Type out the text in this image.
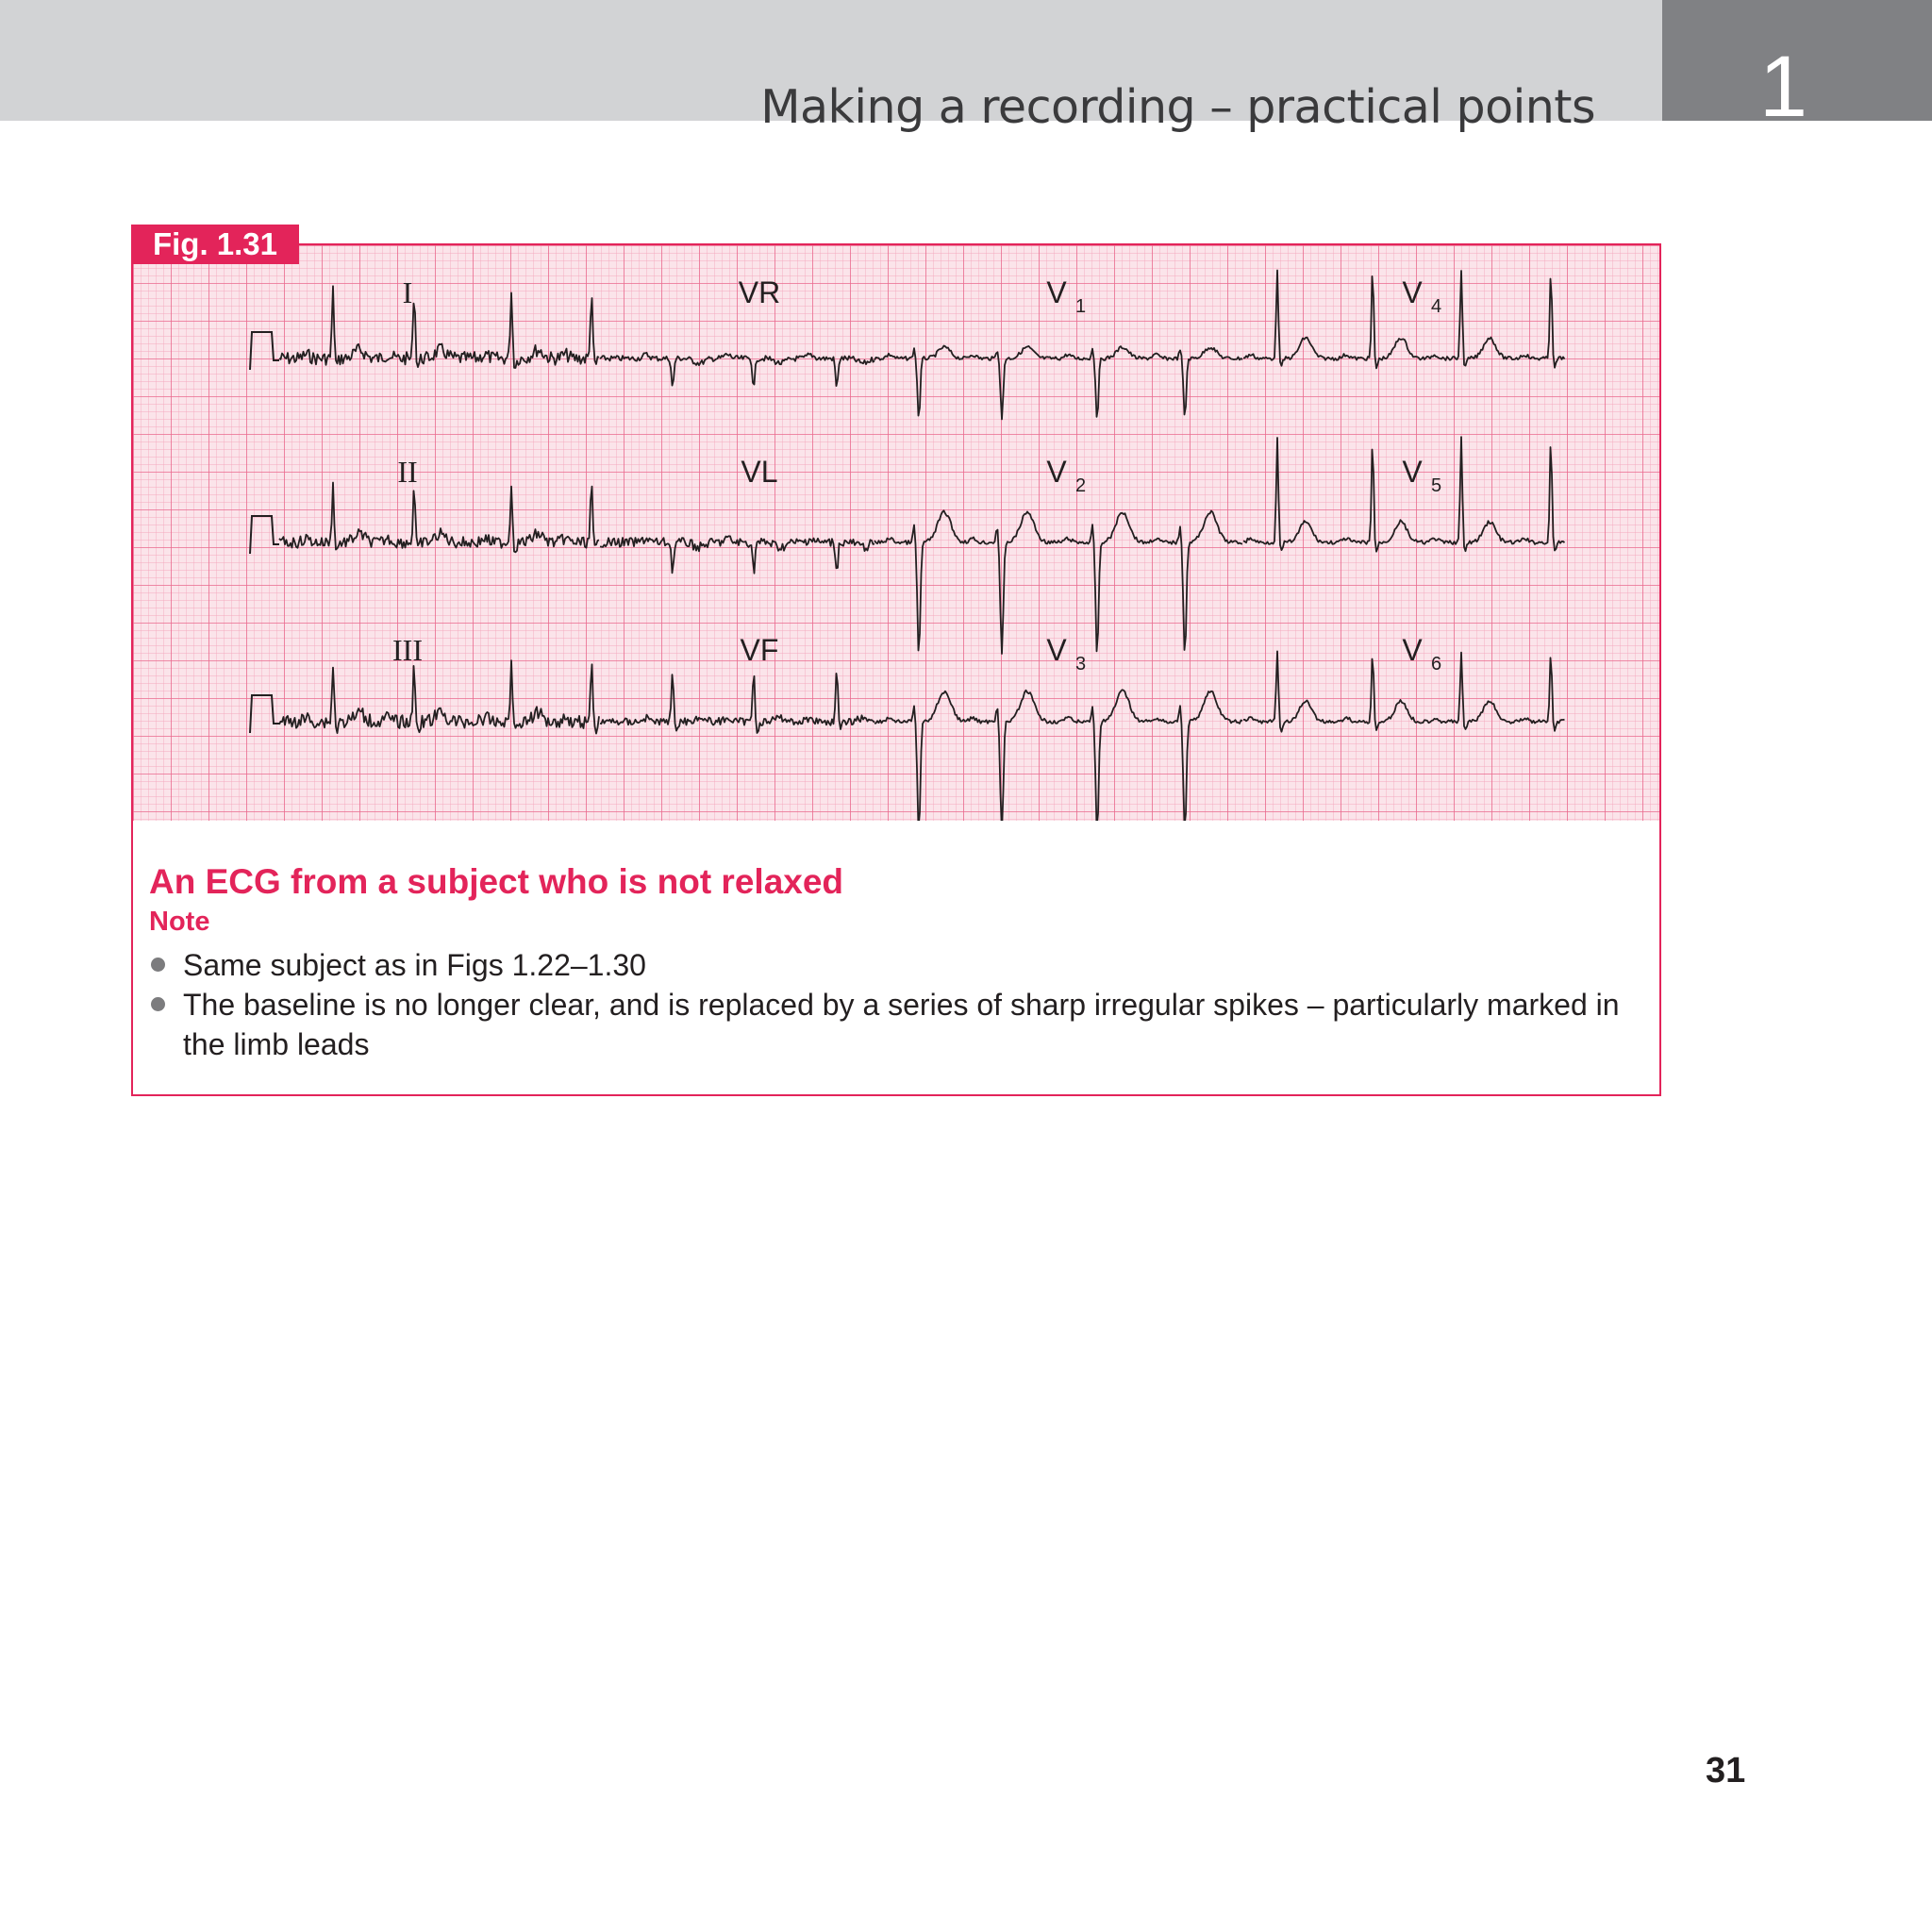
1
Making a recording – practical points
Fig. 1.31
I	VR	V 1	V 4
II	VL	V 2	V 5
III	VF	V 3	V 6

An ECG from a subject who is not relaxed

Note
Same subject as in Figs 1.22–1.30
The baseline is no longer clear, and is replaced by a series of sharp irregular spikes – particularly marked in the limb leads
31
